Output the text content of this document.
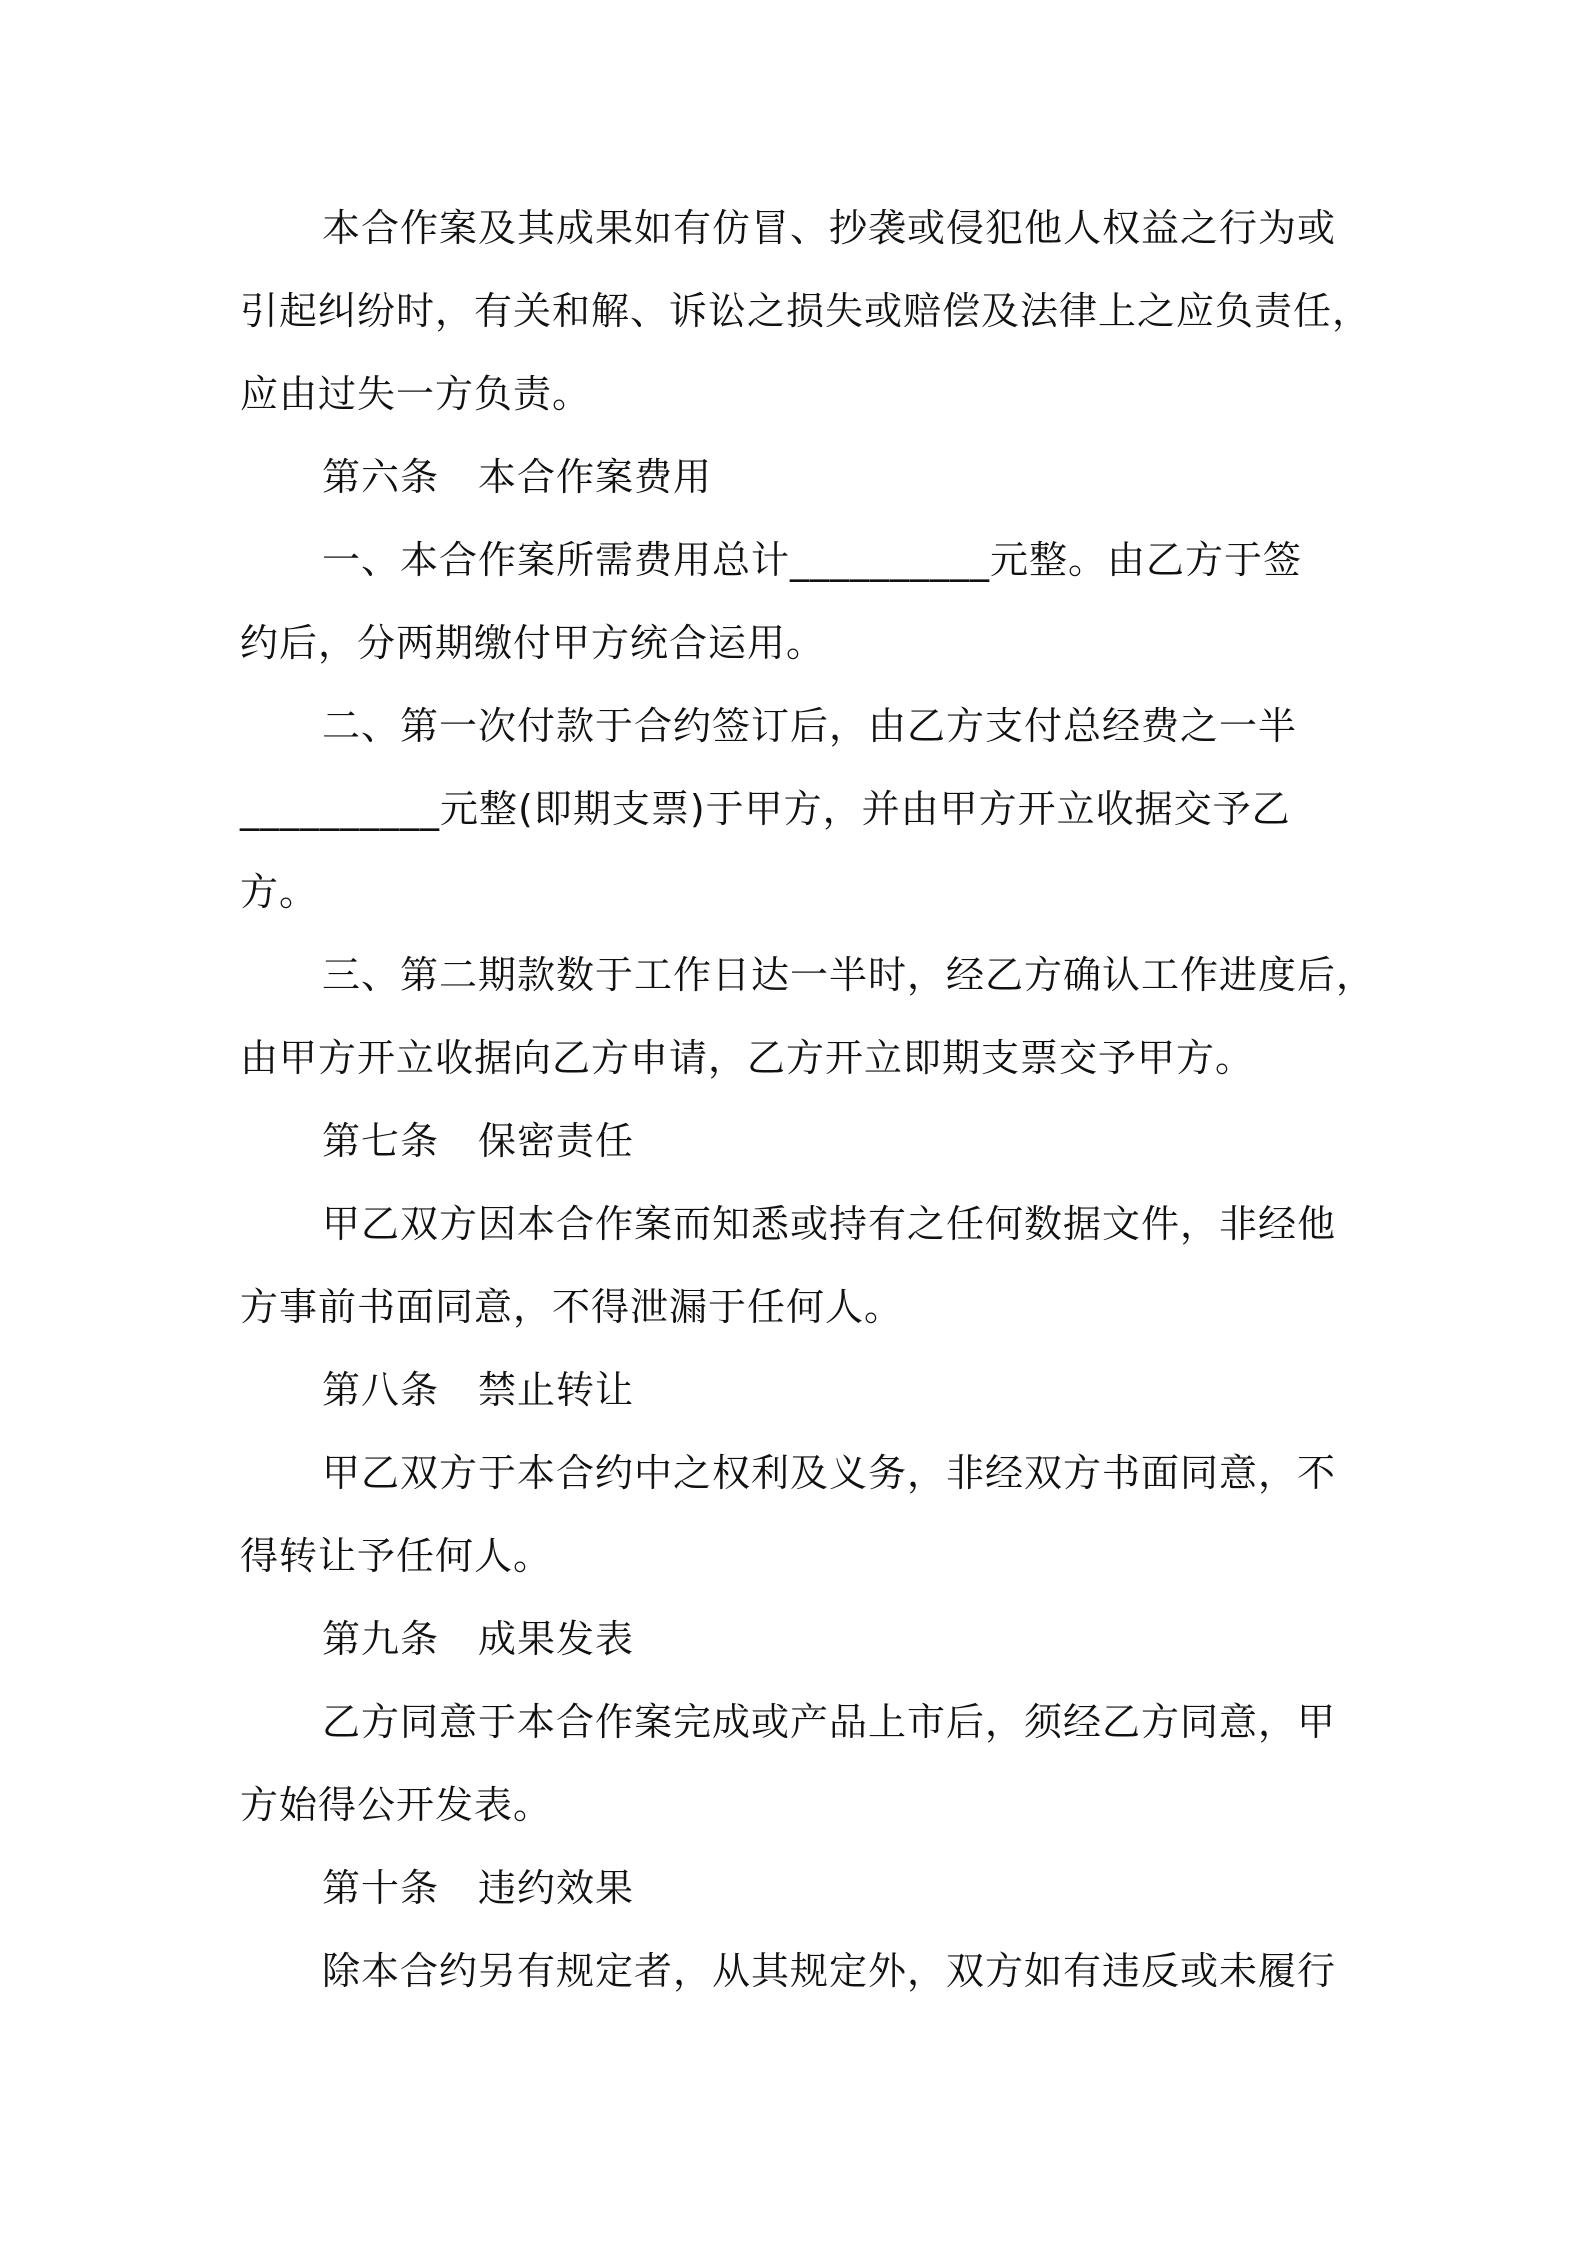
本合作案及其成果如有仿冒、抄袭或侵犯他人权益之行为或
引起纠纷时，有关和解、诉讼之损失或赔偿及法律上之应负责任，
应由过失一方负责。
第六条　本合作案费用
一、本合作案所需费用总计__________元整。由乙方于签
约后，分两期缴付甲方统合运用。
二、第一次付款于合约签订后，由乙方支付总经费之一半
__________元整(即期支票)于甲方，并由甲方开立收据交予乙
方。
三、第二期款数于工作日达一半时，经乙方确认工作进度后，
由甲方开立收据向乙方申请，乙方开立即期支票交予甲方。
第七条　保密责任
甲乙双方因本合作案而知悉或持有之任何数据文件，非经他
方事前书面同意，不得泄漏于任何人。
第八条　禁止转让
甲乙双方于本合约中之权利及义务，非经双方书面同意，不
得转让予任何人。
第九条　成果发表
乙方同意于本合作案完成或产品上市后，须经乙方同意，甲
方始得公开发表。
第十条　违约效果
除本合约另有规定者，从其规定外，双方如有违反或未履行
